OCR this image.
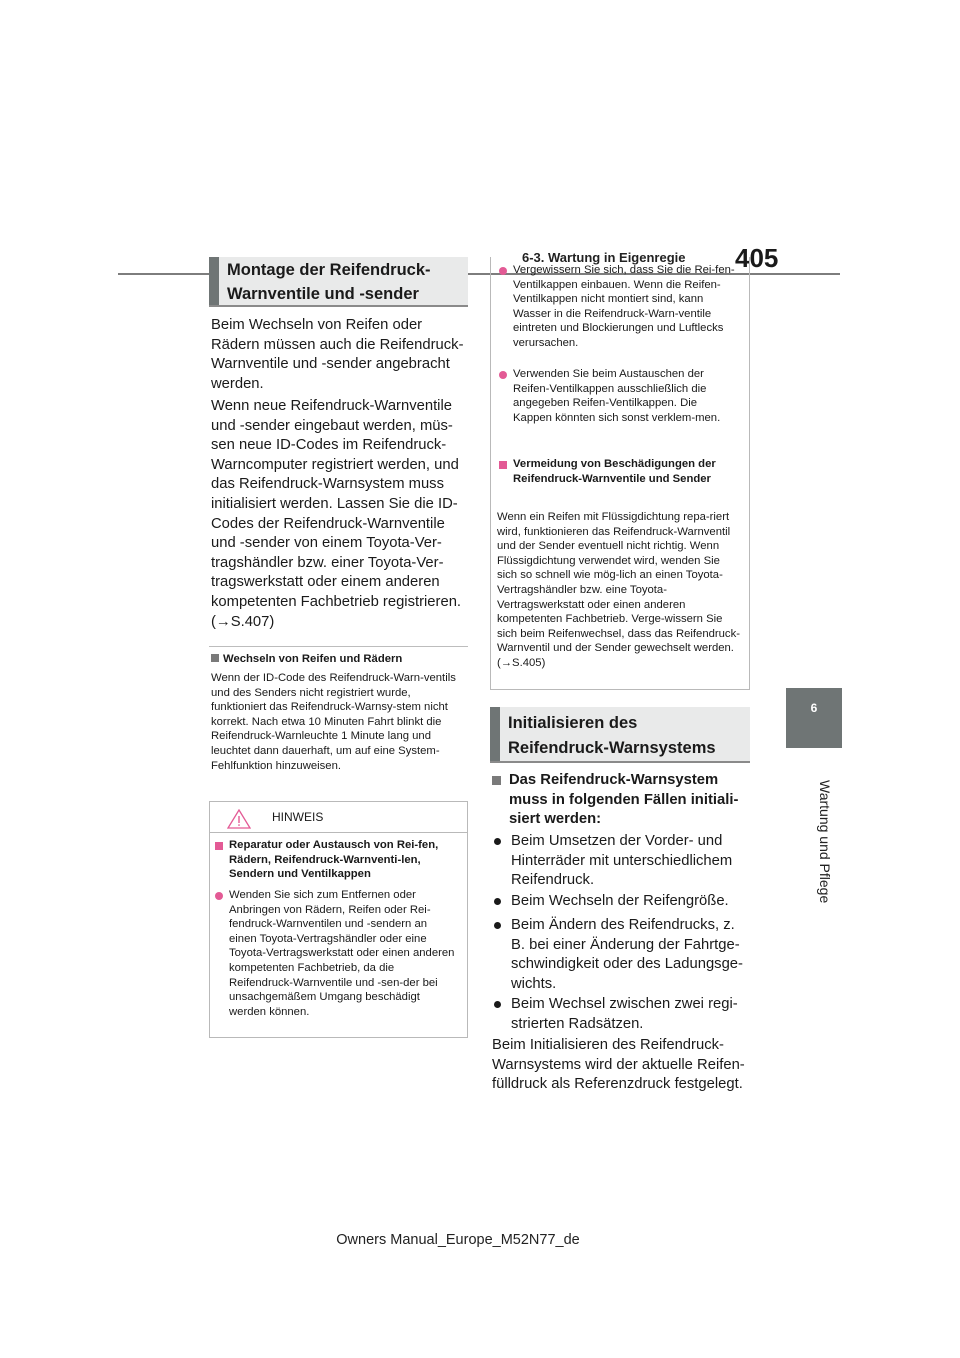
6-3. Wartung in Eigenregie 405
6
Wartung und Pflege
Montage der Reifendruck-Warnventile und -sender
Beim Wechseln von Reifen oder Rädern müssen auch die Reifendruck-Warnventile und -sender angebracht werden.
Wenn neue Reifendruck-Warnventile und -sender eingebaut werden, müs-sen neue ID-Codes im Reifendruck-Warncomputer registriert werden, und das Reifendruck-Warnsystem muss initialisiert werden. Lassen Sie die ID-Codes der Reifendruck-Warnventile und -sender von einem Toyota-Ver-tragshändler bzw. einer Toyota-Ver-tragswerkstatt oder einem anderen kompetenten Fachbetrieb registrieren.
(→S.407)
Wechseln von Reifen und Rädern
Wenn der ID-Code des Reifendruck-Warn-ventils und des Senders nicht registriert wurde, funktioniert das Reifendruck-Warnsy-stem nicht korrekt. Nach etwa 10 Minuten Fahrt blinkt die Reifendruck-Warnleuchte 1 Minute lang und leuchtet dann dauerhaft, um auf eine System-Fehlfunktion hinzuweisen.
HINWEIS
Reparatur oder Austausch von Rei-fen, Rädern, Reifendruck-Warnventi-len, Sendern und Ventilkappen
Wenden Sie sich zum Entfernen oder Anbringen von Rädern, Reifen oder Rei-fendruck-Warnventilen und -sendern an einen Toyota-Vertragshändler oder eine Toyota-Vertragswerkstatt oder einen anderen kompetenten Fachbetrieb, da die Reifendruck-Warnventile und -sen-der bei unsachgemäßem Umgang beschädigt werden können.
Vergewissern Sie sich, dass Sie die Rei-fen-Ventilkappen einbauen. Wenn die Reifen-Ventilkappen nicht montiert sind, kann Wasser in die Reifendruck-Warn-ventile eintreten und Blockierungen und Luftlecks verursachen.
Verwenden Sie beim Austauschen der Reifen-Ventilkappen ausschließlich die angegeben Reifen-Ventilkappen. Die Kappen könnten sich sonst verklem-men.
Vermeidung von Beschädigungen der Reifendruck-Warnventile und Sender
Wenn ein Reifen mit Flüssigdichtung repa-riert wird, funktionieren das Reifendruck-Warnventil und der Sender eventuell nicht richtig. Wenn Flüssigdichtung verwendet wird, wenden Sie sich so schnell wie mög-lich an einen Toyota-Vertragshändler bzw. eine Toyota-Vertragswerkstatt oder einen anderen kompetenten Fachbetrieb. Verge-wissern Sie sich beim Reifenwechsel, dass das Reifendruck-Warnventil und der Sender gewechselt werden. (→S.405)
Initialisieren des Reifendruck-Warnsystems
Das Reifendruck-Warnsystem muss in folgenden Fällen initiali-siert werden:
Beim Umsetzen der Vorder- und Hinterräder mit unterschiedlichem Reifendruck.
Beim Wechseln der Reifengröße.
Beim Ändern des Reifendrucks, z. B. bei einer Änderung der Fahrtge-schwindigkeit oder des Ladungsge-wichts.
Beim Wechsel zwischen zwei regi-strierten Radsätzen.
Beim Initialisieren des Reifendruck-Warnsystems wird der aktuelle Reifen-fülldruck als Referenzdruck festgelegt.
Owners Manual_Europe_M52N77_de
